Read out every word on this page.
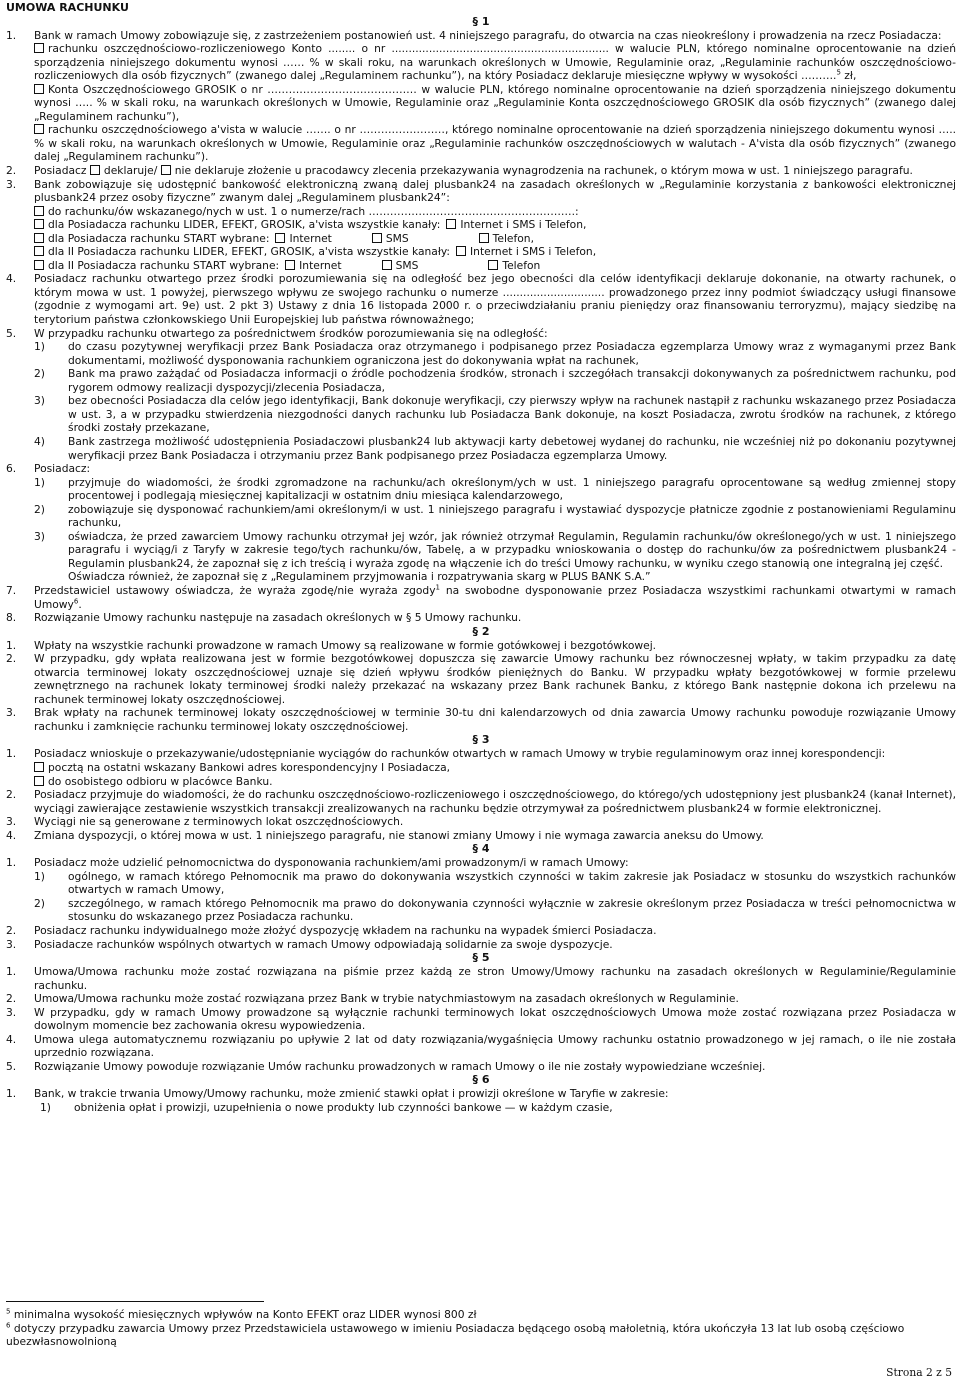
UMOWA RACHUNKU
§ 1
1.	Bank w ramach Umowy zobowiązuje się, z zastrzeżeniem postanowień ust. 4 niniejszego paragrafu, do otwarcia na czas nieokreślony i prowadzenia na rzecz Posiadacza:
rachunku oszczędnościowo-rozliczeniowego Konto ........ o nr ................................................................ w walucie PLN, którego nominalne oprocentowanie na dzień sporządzenia niniejszego dokumentu wynosi …… % w skali roku, na warunkach określonych w Umowie, Regulaminie oraz, „Regulaminie rachunków oszczędnościowo-rozliczeniowych dla osób fizycznych” (zwanego dalej „Regulaminem rachunku”), na który Posiadacz deklaruje miesięczne wpływy w wysokości ……….$^5$ zł,
Konta Oszczędnościowego GROSIK o nr …………………………………… w walucie PLN, którego nominalne oprocentowanie na dzień sporządzenia niniejszego dokumentu wynosi ….. % w skali roku, na warunkach określonych w Umowie, Regulaminie oraz „Regulaminie Konta oszczędnościowego GROSIK dla osób fizycznych” (zwanego dalej „Regulaminem rachunku”),
rachunku oszczędnościowego a'vista w walucie ……. o nr ……………………, którego nominalne oprocentowanie na dzień sporządzenia niniejszego dokumentu wynosi ….. % w skali roku, na warunkach określonych w Umowie, Regulaminie oraz „Regulaminie rachunków oszczędnościowych w walutach - A'vista dla osób fizycznych” (zwanego dalej „Regulaminem rachunku”).
2.	Posiadacz deklaruje/ nie deklaruje złożenie u pracodawcy zlecenia przekazywania wynagrodzenia na rachunek, o którym mowa w ust. 1 niniejszego paragrafu.
3.	Bank zobowiązuje się udostępnić bankowość elektroniczną zwaną dalej plusbank24 na zasadach określonych w „Regulaminie korzystania z bankowości elektronicznej plusbank24 przez osoby fizyczne” zwanym dalej „Regulaminem plusbank24”:
do rachunku/ów wskazanego/nych w ust. 1 o numerze/rach ………………………………………………….:
dla Posiadacza rachunku LIDER, EFEKT, GROSIK, a'vista wszystkie kanały: Internet i SMS i Telefon,
dla Posiadacza rachunku START wybrane: Internet	SMS	Telefon,
dla II Posiadacza rachunku LIDER, EFEKT, GROSIK, a'vista wszystkie kanały: Internet i SMS i Telefon,
dla II Posiadacza rachunku START wybrane: Internet	SMS	Telefon
4.	Posiadacz rachunku otwartego przez środki porozumiewania się na odległość bez jego obecności dla celów identyfikacji deklaruje dokonanie, na otwarty rachunek, o którym mowa w ust. 1 powyżej, pierwszego wpływu ze swojego rachunku o numerze .............................. prowadzonego przez inny podmiot świadczący usługi finansowe (zgodnie z wymogami art. 9e) ust. 2 pkt 3) Ustawy z dnia 16 listopada 2000 r. o przeciwdziałaniu praniu pieniędzy oraz finansowaniu terroryzmu), mający siedzibę na terytorium państwa członkowskiego Unii Europejskiej lub państwa równoważnego;
5.	W przypadku rachunku otwartego za pośrednictwem środków porozumiewania się na odległość:
1)	do czasu pozytywnej weryfikacji przez Bank Posiadacza oraz otrzymanego i podpisanego przez Posiadacza egzemplarza Umowy wraz z wymaganymi przez Bank dokumentami, możliwość dysponowania rachunkiem ograniczona jest do dokonywania wpłat na rachunek,
2)	Bank ma prawo zażądać od Posiadacza informacji o źródle pochodzenia środków, stronach i szczegółach transakcji dokonywanych za pośrednictwem rachunku, pod rygorem odmowy realizacji dyspozycji/zlecenia Posiadacza,
3)	bez obecności Posiadacza dla celów jego identyfikacji, Bank dokonuje weryfikacji, czy pierwszy wpływ na rachunek nastąpił z rachunku wskazanego przez Posiadacza w ust. 3, a w przypadku stwierdzenia niezgodności danych rachunku lub Posiadacza Bank dokonuje, na koszt Posiadacza, zwrotu środków na rachunek, z którego środki zostały przekazane,
4)	Bank zastrzega możliwość udostępnienia Posiadaczowi plusbank24 lub aktywacji karty debetowej wydanej do rachunku, nie wcześniej niż po dokonaniu pozytywnej weryfikacji przez Bank Posiadacza i otrzymaniu przez Bank podpisanego przez Posiadacza egzemplarza Umowy.
6.	Posiadacz:
1)	przyjmuje do wiadomości, że środki zgromadzone na rachunku/ach określonym/ych w ust. 1 niniejszego paragrafu oprocentowane są według zmiennej stopy procentowej i podlegają miesięcznej kapitalizacji w ostatnim dniu miesiąca kalendarzowego,
2)	zobowiązuje się dysponować rachunkiem/ami określonym/i w ust. 1 niniejszego paragrafu i wystawiać dyspozycje płatnicze zgodnie z postanowieniami Regulaminu rachunku,
3)	oświadcza, że przed zawarciem Umowy rachunku otrzymał jej wzór, jak również otrzymał Regulamin, Regulamin rachunku/ów określonego/ych w ust. 1 niniejszego paragrafu i wyciąg/i z Taryfy w zakresie tego/tych rachunku/ów, Tabelę, a w przypadku wnioskowania o dostęp do rachunku/ów za pośrednictwem plusbank24 - Regulamin plusbank24, że zapoznał się z ich treścią i wyraża zgodę na włączenie ich do treści Umowy rachunku, w wyniku czego stanowią one integralną jej część.
Oświadcza również, że zapoznał się z „Regulaminem przyjmowania i rozpatrywania skarg w PLUS BANK S.A.”
7.	Przedstawiciel ustawowy oświadcza, że wyraża zgodę/nie wyraża zgody$^1$ na swobodne dysponowanie przez Posiadacza wszystkimi rachunkami otwartymi w ramach Umowy$^6$.
8.	Rozwiązanie Umowy rachunku następuje na zasadach określonych w § 5 Umowy rachunku.
§ 2
1.	Wpłaty na wszystkie rachunki prowadzone w ramach Umowy są realizowane w formie gotówkowej i bezgotówkowej.
2.	W przypadku, gdy wpłata realizowana jest w formie bezgotówkowej dopuszcza się zawarcie Umowy rachunku bez równoczesnej wpłaty, w takim przypadku za datę otwarcia terminowej lokaty oszczędnościowej uznaje się dzień wpływu środków pieniężnych do Banku. W przypadku wpłaty bezgotówkowej w formie przelewu zewnętrznego na rachunek lokaty terminowej środki należy przekazać na wskazany przez Bank rachunek Banku, z którego Bank następnie dokona ich przelewu na rachunek terminowej lokaty oszczędnościowej.
3.	Brak wpłaty na rachunek terminowej lokaty oszczędnościowej w terminie 30-tu dni kalendarzowych od dnia zawarcia Umowy rachunku powoduje rozwiązanie Umowy rachunku i zamknięcie rachunku terminowej lokaty oszczędnościowej.
§ 3
1.	Posiadacz wnioskuje o przekazywanie/udostępnianie wyciągów do rachunków otwartych w ramach Umowy w trybie regulaminowym oraz innej korespondencji:
pocztą na ostatni wskazany Bankowi adres korespondencyjny I Posiadacza,
do osobistego odbioru w placówce Banku.
2.	Posiadacz przyjmuje do wiadomości, że do rachunku oszczędnościowo-rozliczeniowego i oszczędnościowego, do którego/ych udostępniony jest plusbank24 (kanał Internet), wyciągi zawierające zestawienie wszystkich transakcji zrealizowanych na rachunku będzie otrzymywał za pośrednictwem plusbank24 w formie elektronicznej.
3.	Wyciągi nie są generowane z terminowych lokat oszczędnościowych.
4.	Zmiana dyspozycji, o której mowa w ust. 1 niniejszego paragrafu, nie stanowi zmiany Umowy i nie wymaga zawarcia aneksu do Umowy.
§ 4
1.	Posiadacz może udzielić pełnomocnictwa do dysponowania rachunkiem/ami prowadzonym/i w ramach Umowy:
1)	ogólnego, w ramach którego Pełnomocnik ma prawo do dokonywania wszystkich czynności w takim zakresie jak Posiadacz w stosunku do wszystkich rachunków otwartych w ramach Umowy,
2)	szczególnego, w ramach którego Pełnomocnik ma prawo do dokonywania czynności wyłącznie w zakresie określonym przez Posiadacza w treści pełnomocnictwa w stosunku do wskazanego przez Posiadacza rachunku.
2.	Posiadacz rachunku indywidualnego może złożyć dyspozycję wkładem na rachunku na wypadek śmierci Posiadacza.
3.	Posiadacze rachunków wspólnych otwartych w ramach Umowy odpowiadają solidarnie za swoje dyspozycje.
§ 5
1.	Umowa/Umowa rachunku może zostać rozwiązana na piśmie przez każdą ze stron Umowy/Umowy rachunku na zasadach określonych w Regulaminie/Regulaminie rachunku.
2.	Umowa/Umowa rachunku może zostać rozwiązana przez Bank w trybie natychmiastowym na zasadach określonych w Regulaminie.
3.	W przypadku, gdy w ramach Umowy prowadzone są wyłącznie rachunki terminowych lokat oszczędnościowych Umowa może zostać rozwiązana przez Posiadacza w dowolnym momencie bez zachowania okresu wypowiedzenia.
4.	Umowa ulega automatycznemu rozwiązaniu po upływie 2 lat od daty rozwiązania/wygaśnięcia Umowy rachunku ostatnio prowadzonego w jej ramach, o ile nie została uprzednio rozwiązana.
5.	Rozwiązanie Umowy powoduje rozwiązanie Umów rachunku prowadzonych w ramach Umowy o ile nie zostały wypowiedziane wcześniej.
§ 6
1.	Bank, w trakcie trwania Umowy/Umowy rachunku, może zmienić stawki opłat i prowizji określone w Taryfie w zakresie:
1)	obniżenia opłat i prowizji, uzupełnienia o nowe produkty lub czynności bankowe — w każdym czasie,
$^5$ minimalna wysokość miesięcznych wpływów na Konto EFEKT oraz LIDER wynosi 800 zł
$^6$ dotyczy przypadku zawarcia Umowy przez Przedstawiciela ustawowego w imieniu Posiadacza będącego osobą małoletnią, która ukończyła 13 lat lub osobą częściowo ubezwłasnowolnioną
Strona 2 z 5
